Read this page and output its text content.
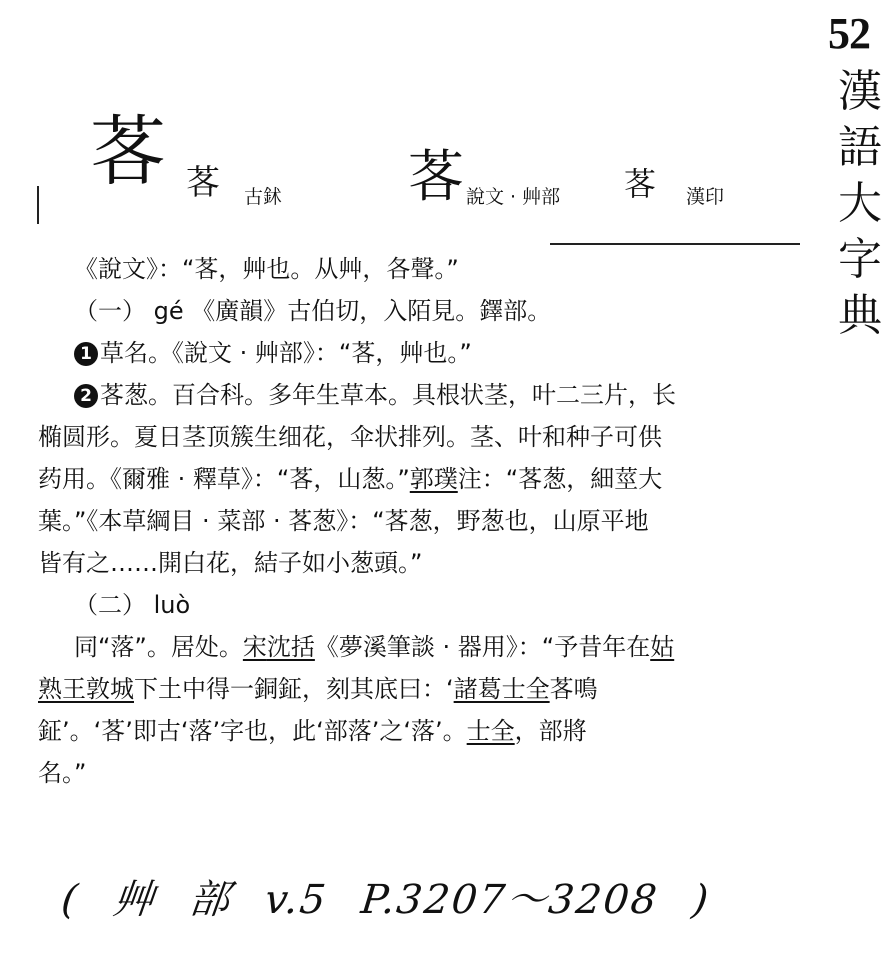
52
漢
語
大
字
典
茖 茖 古鉥 茖 說文 · 艸部 茖 漢印

《說文》：“茖，艸也。从艸，各聲。”

（一） gé 《廣韻》古伯切，入陌見。鐸部。

1 草名。《說文 · 艸部》：“茖，艸也。”

2 茖葱。百合科。多年生草本。具根状茎，叶二三片，长

椭圆形。夏日茎顶簇生细花，伞状排列。茎、叶和种子可供

药用。《爾雅 · 釋草》：“茖，山葱。”郭璞注：“茖葱，細莖大

葉。”《本草綱目 · 菜部 · 茖葱》：“茖葱，野葱也，山原平地

皆有之……開白花，結子如小葱頭。”

（二） luò

同“落”。居处。宋沈括《夢溪筆談 · 器用》：“予昔年在姑

熟王敦城下土中得一銅鉦，刻其底曰：‘諸葛士全茖鳴

鉦’。‘茖’即古‘落’字也，此‘部落’之‘落’。士全，部將

名。”

( 艸 部 v.5 P.3207～3208 )
